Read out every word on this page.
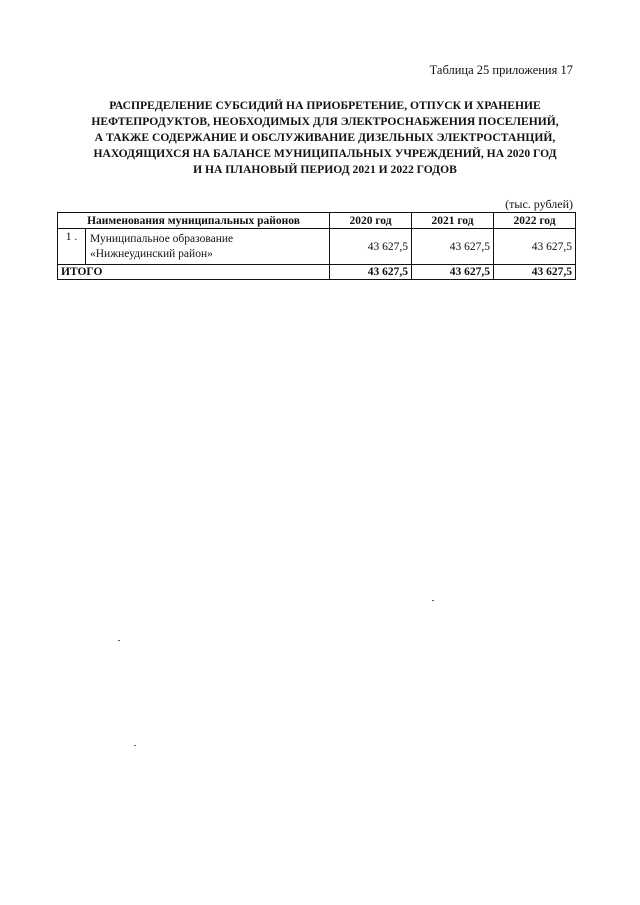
Таблица 25 приложения 17
РАСПРЕДЕЛЕНИЕ СУБСИДИЙ НА ПРИОБРЕТЕНИЕ, ОТПУСК И ХРАНЕНИЕ
НЕФТЕПРОДУКТОВ, НЕОБХОДИМЫХ ДЛЯ ЭЛЕКТРОСНАБЖЕНИЯ ПОСЕЛЕНИЙ,
А ТАКЖЕ СОДЕРЖАНИЕ И ОБСЛУЖИВАНИЕ ДИЗЕЛЬНЫХ ЭЛЕКТРОСТАНЦИЙ,
НАХОДЯЩИХСЯ НА БАЛАНСЕ МУНИЦИПАЛЬНЫХ УЧРЕЖДЕНИЙ, НА 2020 ГОД
И НА ПЛАНОВЫЙ ПЕРИОД 2021 И 2022 ГОДОВ
(тыс. рублей)
Наименования муниципальных районов	2020 год	2021 год	2022 год

1 . Муниципальное образование
«Нижнеудинский район»	43 627,5	43 627,5	43 627,5
ИТОГО	43 627,5	43 627,5	43 627,5
